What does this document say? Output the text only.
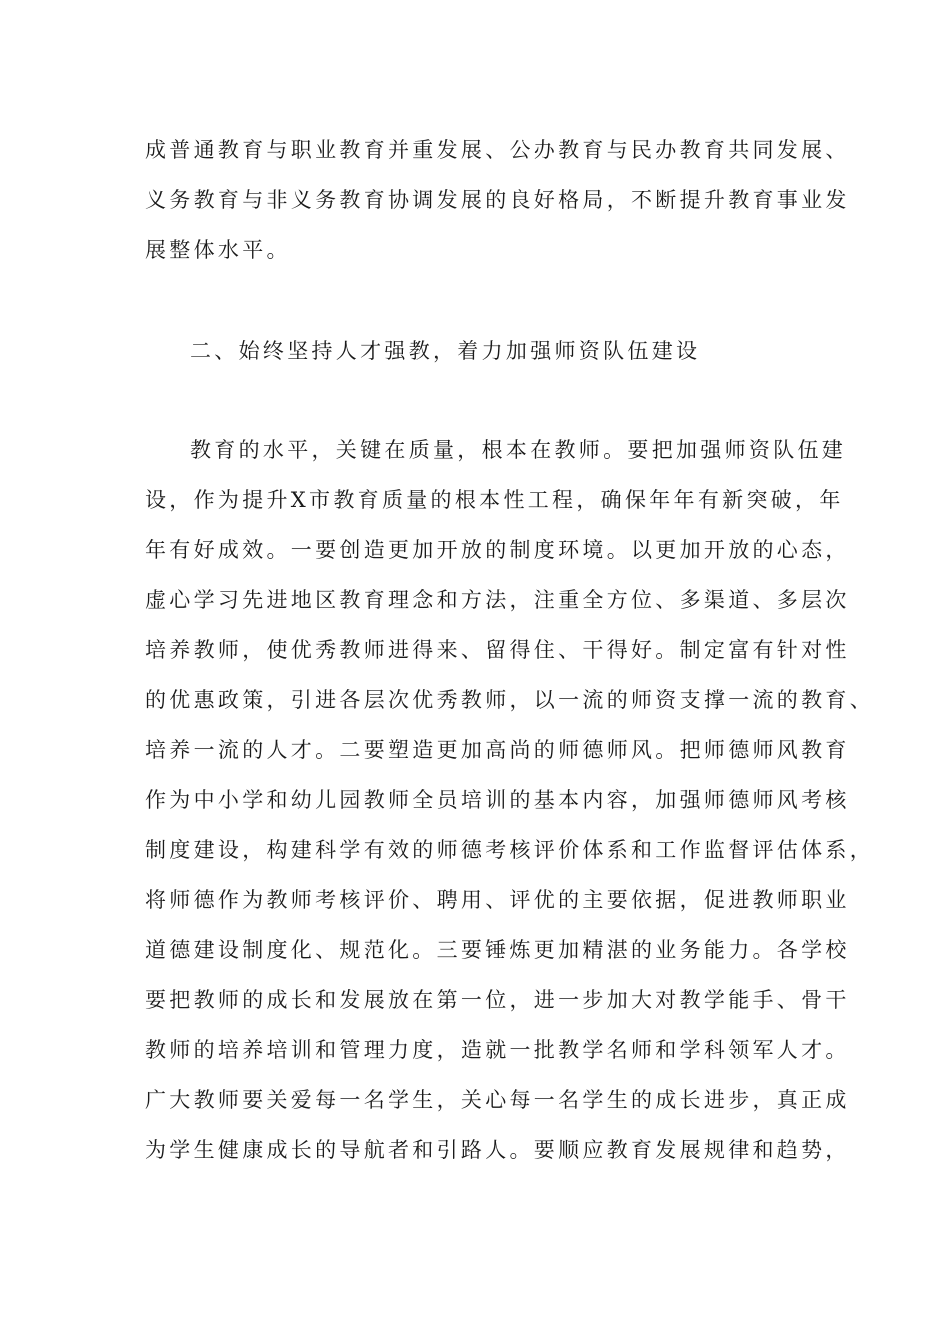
成普通教育与职业教育并重发展、公办教育与民办教育共同发展、

义务教育与非义务教育协调发展的良好格局，不断提升教育事业发

展整体水平。

二、始终坚持人才强教，着力加强师资队伍建设

教育的水平，关键在质量，根本在教师。要把加强师资队伍建

设，作为提升X市教育质量的根本性工程，确保年年有新突破，年

年有好成效。一要创造更加开放的制度环境。以更加开放的心态，

虚心学习先进地区教育理念和方法，注重全方位、多渠道、多层次

培养教师，使优秀教师进得来、留得住、干得好。制定富有针对性

的优惠政策，引进各层次优秀教师，以一流的师资支撑一流的教育、

培养一流的人才。二要塑造更加高尚的师德师风。把师德师风教育

作为中小学和幼儿园教师全员培训的基本内容，加强师德师风考核

制度建设，构建科学有效的师德考核评价体系和工作监督评估体系，

将师德作为教师考核评价、聘用、评优的主要依据，促进教师职业

道德建设制度化、规范化。三要锤炼更加精湛的业务能力。各学校

要把教师的成长和发展放在第一位，进一步加大对教学能手、骨干

教师的培养培训和管理力度，造就一批教学名师和学科领军人才。

广大教师要关爱每一名学生，关心每一名学生的成长进步，真正成

为学生健康成长的导航者和引路人。要顺应教育发展规律和趋势，
